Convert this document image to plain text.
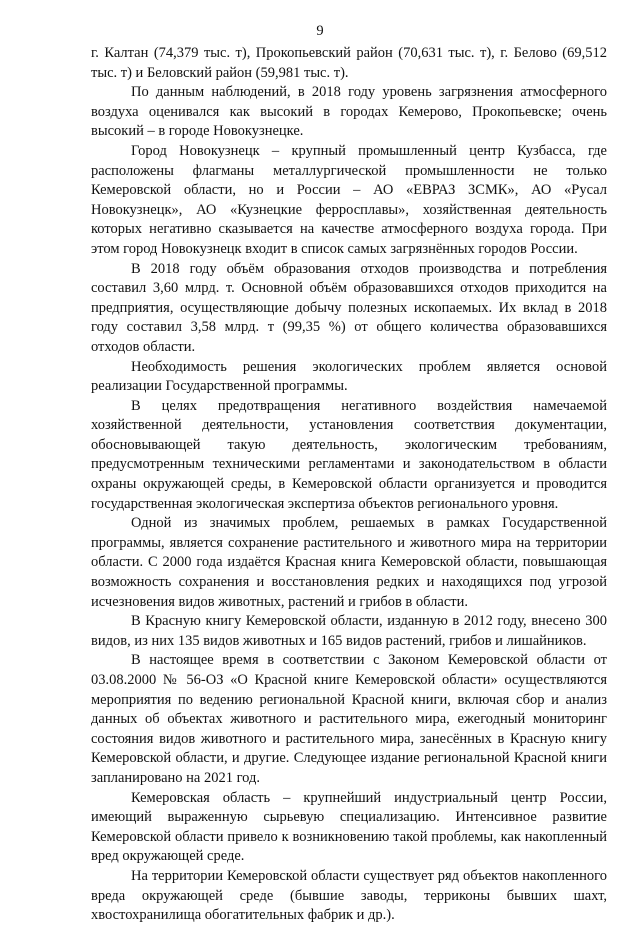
9

г. Калтан (74,379 тыс. т), Прокопьевский район (70,631 тыс. т), г. Белово (69,512 тыс. т) и Беловский район (59,981 тыс. т).

По данным наблюдений, в 2018 году уровень загрязнения атмосферного воздуха оценивался как высокий в городах Кемерово, Прокопьевске; очень высокий – в городе Новокузнецке.

Город Новокузнецк – крупный промышленный центр Кузбасса, где расположены флагманы металлургической промышленности не только Кемеровской области, но и России – АО «ЕВРАЗ ЗСМК», АО «Русал Новокузнецк», АО «Кузнецкие ферросплавы», хозяйственная деятельность которых негативно сказывается на качестве атмосферного воздуха города. При этом город Новокузнецк входит в список самых загрязнённых городов России.

В 2018 году объём образования отходов производства и потребления составил 3,60 млрд. т. Основной объём образовавшихся отходов приходится на предприятия, осуществляющие добычу полезных ископаемых. Их вклад в 2018 году составил 3,58 млрд. т (99,35 %) от общего количества образовавшихся отходов области.

Необходимость решения экологических проблем является основой реализации Государственной программы.

В целях предотвращения негативного воздействия намечаемой хозяйственной деятельности, установления соответствия документации, обосновывающей такую деятельность, экологическим требованиям, предусмотренным техническими регламентами и законодательством в области охраны окружающей среды, в Кемеровской области организуется и проводится государственная экологическая экспертиза объектов регионального уровня.

Одной из значимых проблем, решаемых в рамках Государственной программы, является сохранение растительного и животного мира на территории области. С 2000 года издаётся Красная книга Кемеровской области, повышающая возможность сохранения и восстановления редких и находящихся под угрозой исчезновения видов животных, растений и грибов в области.

В Красную книгу Кемеровской области, изданную в 2012 году, внесено 300 видов, из них 135 видов животных и 165 видов растений, грибов и лишайников.

В настоящее время в соответствии с Законом Кемеровской области от 03.08.2000 № 56-ОЗ «О Красной книге Кемеровской области» осуществляются мероприятия по ведению региональной Красной книги, включая сбор и анализ данных об объектах животного и растительного мира, ежегодный мониторинг состояния видов животного и растительного мира, занесённых в Красную книгу Кемеровской области, и другие. Следующее издание региональной Красной книги запланировано на 2021 год.

Кемеровская область – крупнейший индустриальный центр России, имеющий выраженную сырьевую специализацию. Интенсивное развитие Кемеровской области привело к возникновению такой проблемы, как накопленный вред окружающей среде.

На территории Кемеровской области существует ряд объектов накопленного вреда окружающей среде (бывшие заводы, терриконы бывших шахт, хвостохранилища обогатительных фабрик и др.).
